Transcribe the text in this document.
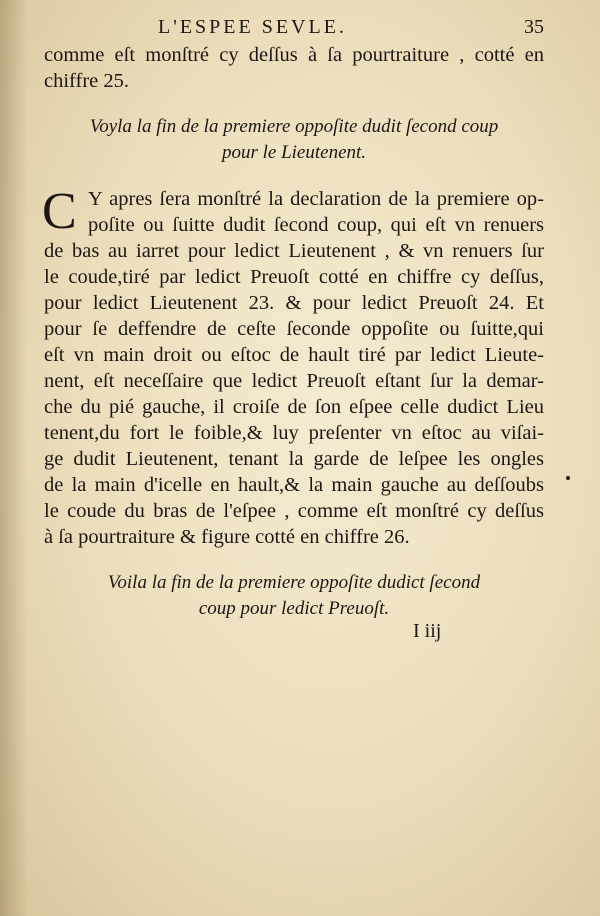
L'ESPEE SEVLE.	35
comme eſt monſtré cy deſſus à ſa pourtraiture , cotté en
chiffre 25.
Voyla la fin de la premiere oppoſite dudit ſecond coup
pour le Lieutenent.
C Y apres ſera monſtré la declaration de la premiere op-
poſite ou ſuitte dudit ſecond coup, qui eſt vn renuers
de bas au iarret pour ledict Lieutenent , & vn renuers ſur
le coude,tiré par ledict Preuoſt cotté en chiffre cy deſſus,
pour ledict Lieutenent 23. & pour ledict Preuoſt 24. Et
pour ſe deffendre de ceſte ſeconde oppoſite ou ſuitte,qui
eſt vn main droit ou eſtoc de hault tiré par ledict Lieute-
nent, eſt neceſſaire que ledict Preuoſt eſtant ſur la demar-
che du pié gauche, il croiſe de ſon eſpee celle dudict Lieu
tenent,du fort le foible,& luy preſenter vn eſtoc au viſai-
ge dudit Lieutenent, tenant la garde de leſpee les ongles
de la main d'icelle en hault,& la main gauche au deſſoubs
le coude du bras de l'eſpee , comme eſt monſtré cy deſſus
à ſa pourtraiture & figure cotté en chiffre 26.
Voila la fin de la premiere oppoſite dudict ſecond
coup pour ledict Preuoſt.
I iij
